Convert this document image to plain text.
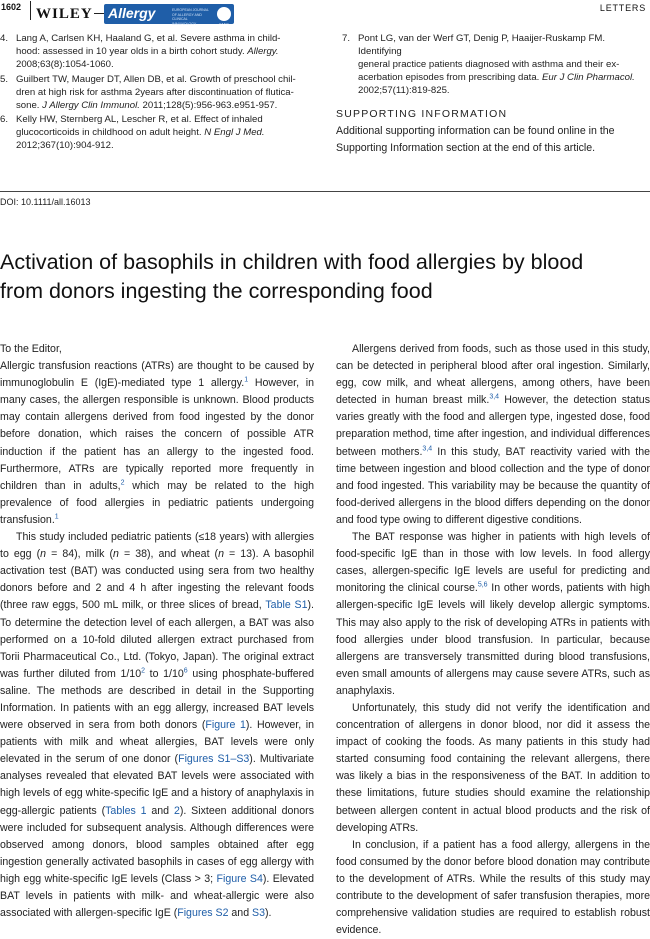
1602 WILEY Allergy	EUROPEAN JOURNAL OF ALLERGY AND CLINICAL IMMUNOLOGY	EAACI
LETTERS
4. Lang A, Carlsen KH, Haaland G, et al. Severe asthma in child-
hood: assessed in 10 year olds in a birth cohort study. Allergy.
2008;63(8):1054-1060.
5. Guilbert TW, Mauger DT, Allen DB, et al. Growth of preschool chil-
dren at high risk for asthma 2years after discontinuation of flutica-
sone. J Allergy Clin Immunol. 2011;128(5):956-963.e951-957.
6. Kelly HW, Sternberg AL, Lescher R, et al. Effect of inhaled
glucocorticoids in childhood on adult height. N Engl J Med.
2012;367(10):904-912.
7. Pont LG, van der Werf GT, Denig P, Haaijer-Ruskamp FM. Identifying
general practice patients diagnosed with asthma and their ex-
acerbation episodes from prescribing data. Eur J Clin Pharmacol.
2002;57(11):819-825.
SUPPORTING INFORMATION
Additional supporting information can be found online in the
Supporting Information section at the end of this article.
DOI: 10.1111/all.16013
Activation of basophils in children with food allergies by blood
from donors ingesting the corresponding food

To the Editor,

Allergic transfusion reactions (ATRs) are thought to be caused by immunoglobulin E (IgE)-mediated type 1 allergy.$^1$ However, in many cases, the allergen responsible is unknown. Blood products may contain allergens derived from food ingested by the donor before donation, which raises the concern of possible ATR induction if the patient has an allergy to the ingested food. Furthermore, ATRs are typically reported more frequently in children than in adults,$^2$ which may be related to the high prevalence of food allergies in pediatric patients undergoing transfusion.$^1$

This study included pediatric patients (≤18 years) with allergies to egg (n = 84), milk (n = 38), and wheat (n = 13). A basophil activation test (BAT) was conducted using sera from two healthy donors before and 2 and 4 h after ingesting the relevant foods (three raw eggs, 500 mL milk, or three slices of bread, Table S1). To determine the detection level of each allergen, a BAT was also performed on a 10-fold diluted allergen extract purchased from Torii Pharmaceutical Co., Ltd. (Tokyo, Japan). The original extract was further diluted from $1/10^2$ to $1/10^6$ using phosphate-buffered saline. The methods are described in detail in the Supporting Information. In patients with an egg allergy, increased BAT levels were observed in sera from both donors (Figure 1). However, in patients with milk and wheat allergies, BAT levels were only elevated in the serum of one donor (Figures S1–S3). Multivariate analyses revealed that elevated BAT levels were associated with high levels of egg white-specific IgE and a history of anaphylaxis in egg-allergic patients (Tables 1 and 2). Sixteen additional donors were included for subsequent analysis. Although differences were observed among donors, blood samples obtained after egg ingestion generally activated basophils in cases of egg allergy with high egg white-specific IgE levels (Class > 3; Figure S4). Elevated BAT levels in patients with milk- and wheat-allergic were also associated with allergen-specific IgE (Figures S2 and S3).

Allergens derived from foods, such as those used in this study, can be detected in peripheral blood after oral ingestion. Similarly, egg, cow milk, and wheat allergens, among others, have been detected in human breast milk.$^{3,4}$ However, the detection status varies greatly with the food and allergen type, ingested dose, food preparation method, time after ingestion, and individual differences between mothers.$^{3,4}$ In this study, BAT reactivity varied with the time between ingestion and blood collection and the type of donor and food ingested. This variability may be because the quantity of food-derived allergens in the blood differs depending on the donor and food type owing to different digestive conditions.

The BAT response was higher in patients with high levels of food-specific IgE than in those with low levels. In food allergy cases, allergen-specific IgE levels are useful for predicting and monitoring the clinical course.$^{5,6}$ In other words, patients with high allergen-specific IgE levels will likely develop allergic symptoms. This may also apply to the risk of developing ATRs in patients with food allergies under blood transfusion. In particular, because allergens are transversely transmitted during blood transfusions, even small amounts of allergens may cause severe ATRs, such as anaphylaxis.

Unfortunately, this study did not verify the identification and concentration of allergens in donor blood, nor did it assess the impact of cooking the foods. As many patients in this study had started consuming food containing the relevant allergens, there was likely a bias in the responsiveness of the BAT. In addition to these limitations, future studies should examine the relationship between allergen content in actual blood products and the risk of developing ATRs.

In conclusion, if a patient has a food allergy, allergens in the food consumed by the donor before blood donation may contribute to the development of ATRs. While the results of this study may contribute to the development of safer transfusion therapies, more comprehensive validation studies are required to establish robust evidence.
